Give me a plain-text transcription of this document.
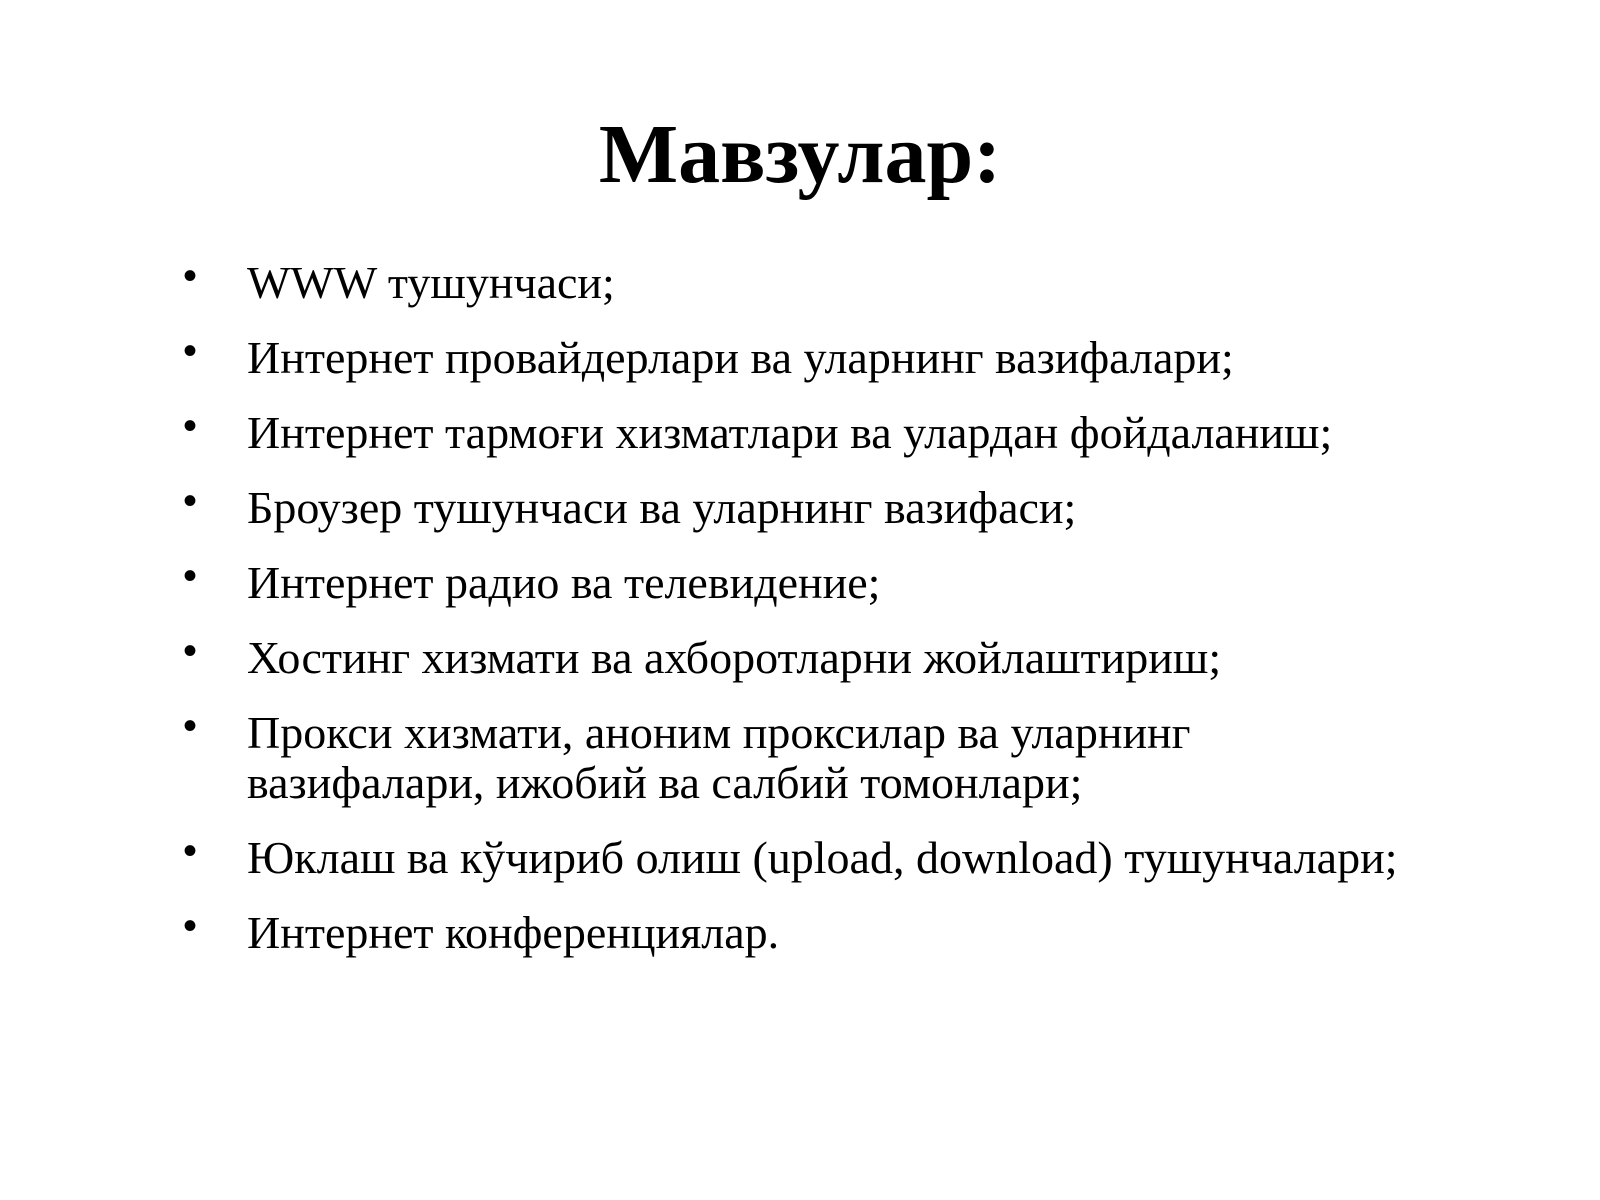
Мавзулар:
• WWW тушунчаси;
• Интернет провайдерлари ва уларнинг вазифалари;
• Интернет тармоғи хизматлари ва улардан фойдаланиш;
• Броузер тушунчаси ва уларнинг вазифаси;
• Интернет радио ва телевидение;
• Хостинг хизмати ва ахборотларни жойлаштириш;
• Прокси хизмати, аноним проксилар ва уларнинг вазифалари, ижобий ва салбий томонлари;
• Юклаш ва кўчириб олиш (upload, download) тушунчалари;
• Интернет конференциялар.
